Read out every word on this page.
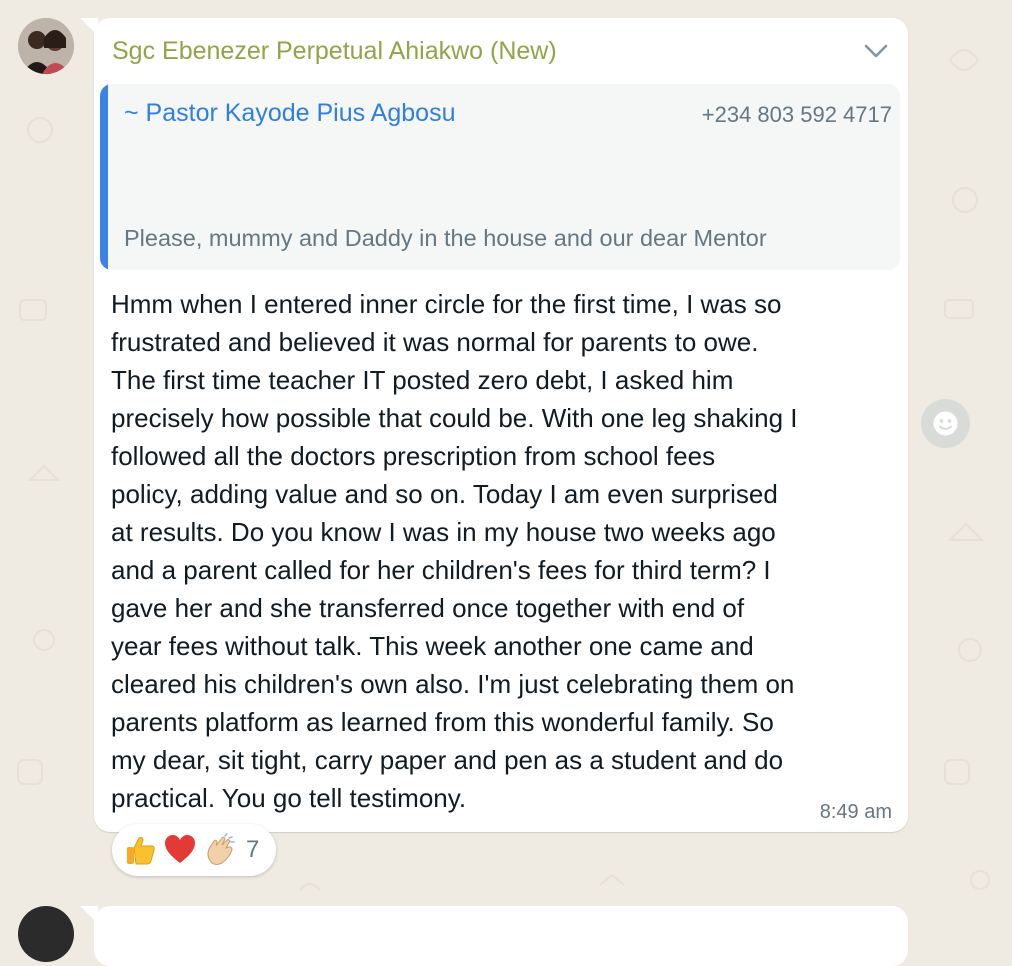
Sgc Ebenezer Perpetual Ahiakwo (New)
~ Pastor Kayode Pius Agbosu	+234 803 592 4717

Please, mummy and Daddy in the house and our dear Mentor

Hmm when I entered inner circle for the first time, I was so
frustrated and believed it was normal for parents to owe.
The first time teacher IT posted zero debt, I asked him
precisely how possible that could be. With one leg shaking I
followed all the doctors prescription from school fees
policy, adding value and so on. Today I am even surprised
at results. Do you know I was in my house two weeks ago
and a parent called for her children's fees for third term? I
gave her and she transferred once together with end of
year fees without talk. This week another one came and
cleared his children's own also. I'm just celebrating them on
parents platform as learned from this wonderful family. So
my dear, sit tight, carry paper and pen as a student and do
practical. You go tell testimony.	8:49 am
7
